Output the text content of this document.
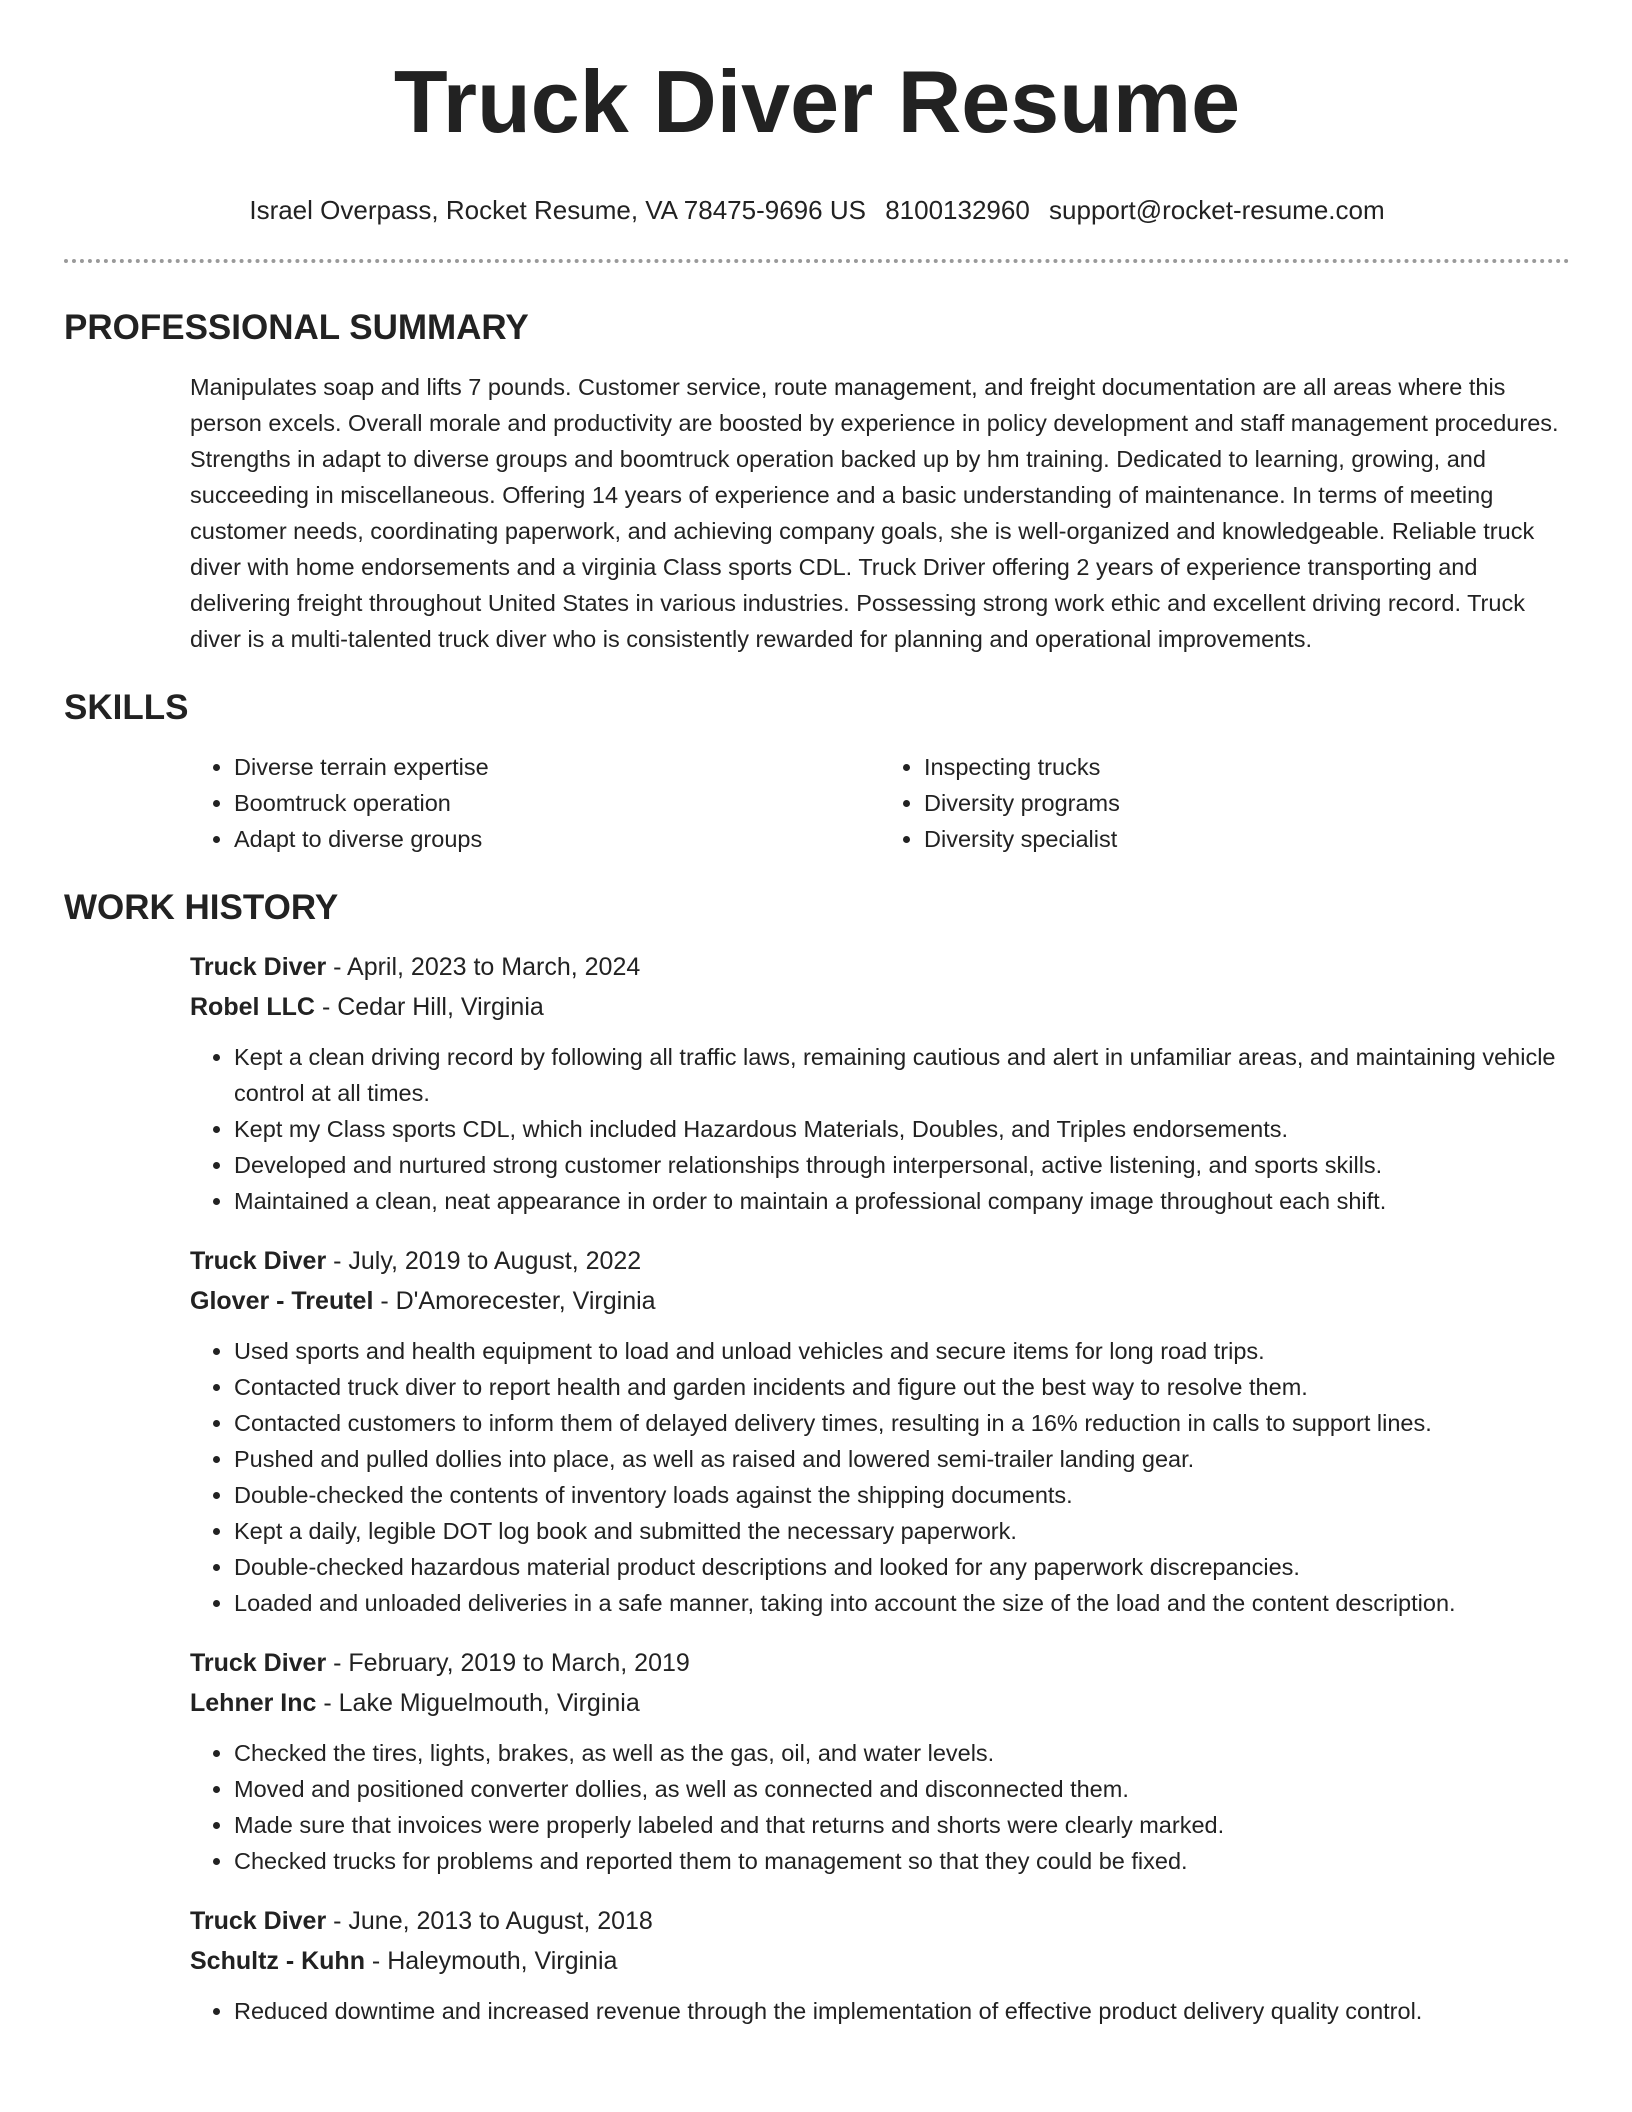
Truck Diver Resume
Israel Overpass, Rocket Resume, VA 78475-9696 US 8100132960 support@rocket-resume.com
PROFESSIONAL SUMMARY

Manipulates soap and lifts 7 pounds. Customer service, route management, and freight documentation are all areas where this person excels. Overall morale and productivity are boosted by experience in policy development and staff management procedures. Strengths in adapt to diverse groups and boomtruck operation backed up by hm training. Dedicated to learning, growing, and succeeding in miscellaneous. Offering 14 years of experience and a basic understanding of maintenance. In terms of meeting customer needs, coordinating paperwork, and achieving company goals, she is well-organized and knowledgeable. Reliable truck diver with home endorsements and a virginia Class sports CDL. Truck Driver offering 2 years of experience transporting and delivering freight throughout United States in various industries. Possessing strong work ethic and excellent driving record. Truck diver is a multi-talented truck diver who is consistently rewarded for planning and operational improvements.

SKILLS
• Diverse terrain expertise
• Boomtruck operation
• Adapt to diverse groups
• Inspecting trucks
• Diversity programs
• Diversity specialist
WORK HISTORY
Truck Diver - April, 2023 to March, 2024
Robel LLC - Cedar Hill, Virginia
• Kept a clean driving record by following all traffic laws, remaining cautious and alert in unfamiliar areas, and maintaining vehicle control at all times.
• Kept my Class sports CDL, which included Hazardous Materials, Doubles, and Triples endorsements.
• Developed and nurtured strong customer relationships through interpersonal, active listening, and sports skills.
• Maintained a clean, neat appearance in order to maintain a professional company image throughout each shift.
Truck Diver - July, 2019 to August, 2022
Glover - Treutel - D'Amorecester, Virginia
• Used sports and health equipment to load and unload vehicles and secure items for long road trips.
• Contacted truck diver to report health and garden incidents and figure out the best way to resolve them.
• Contacted customers to inform them of delayed delivery times, resulting in a 16% reduction in calls to support lines.
• Pushed and pulled dollies into place, as well as raised and lowered semi-trailer landing gear.
• Double-checked the contents of inventory loads against the shipping documents.
• Kept a daily, legible DOT log book and submitted the necessary paperwork.
• Double-checked hazardous material product descriptions and looked for any paperwork discrepancies.
• Loaded and unloaded deliveries in a safe manner, taking into account the size of the load and the content description.
Truck Diver - February, 2019 to March, 2019
Lehner Inc - Lake Miguelmouth, Virginia
• Checked the tires, lights, brakes, as well as the gas, oil, and water levels.
• Moved and positioned converter dollies, as well as connected and disconnected them.
• Made sure that invoices were properly labeled and that returns and shorts were clearly marked.
• Checked trucks for problems and reported them to management so that they could be fixed.
Truck Diver - June, 2013 to August, 2018
Schultz - Kuhn - Haleymouth, Virginia
• Reduced downtime and increased revenue through the implementation of effective product delivery quality control.
